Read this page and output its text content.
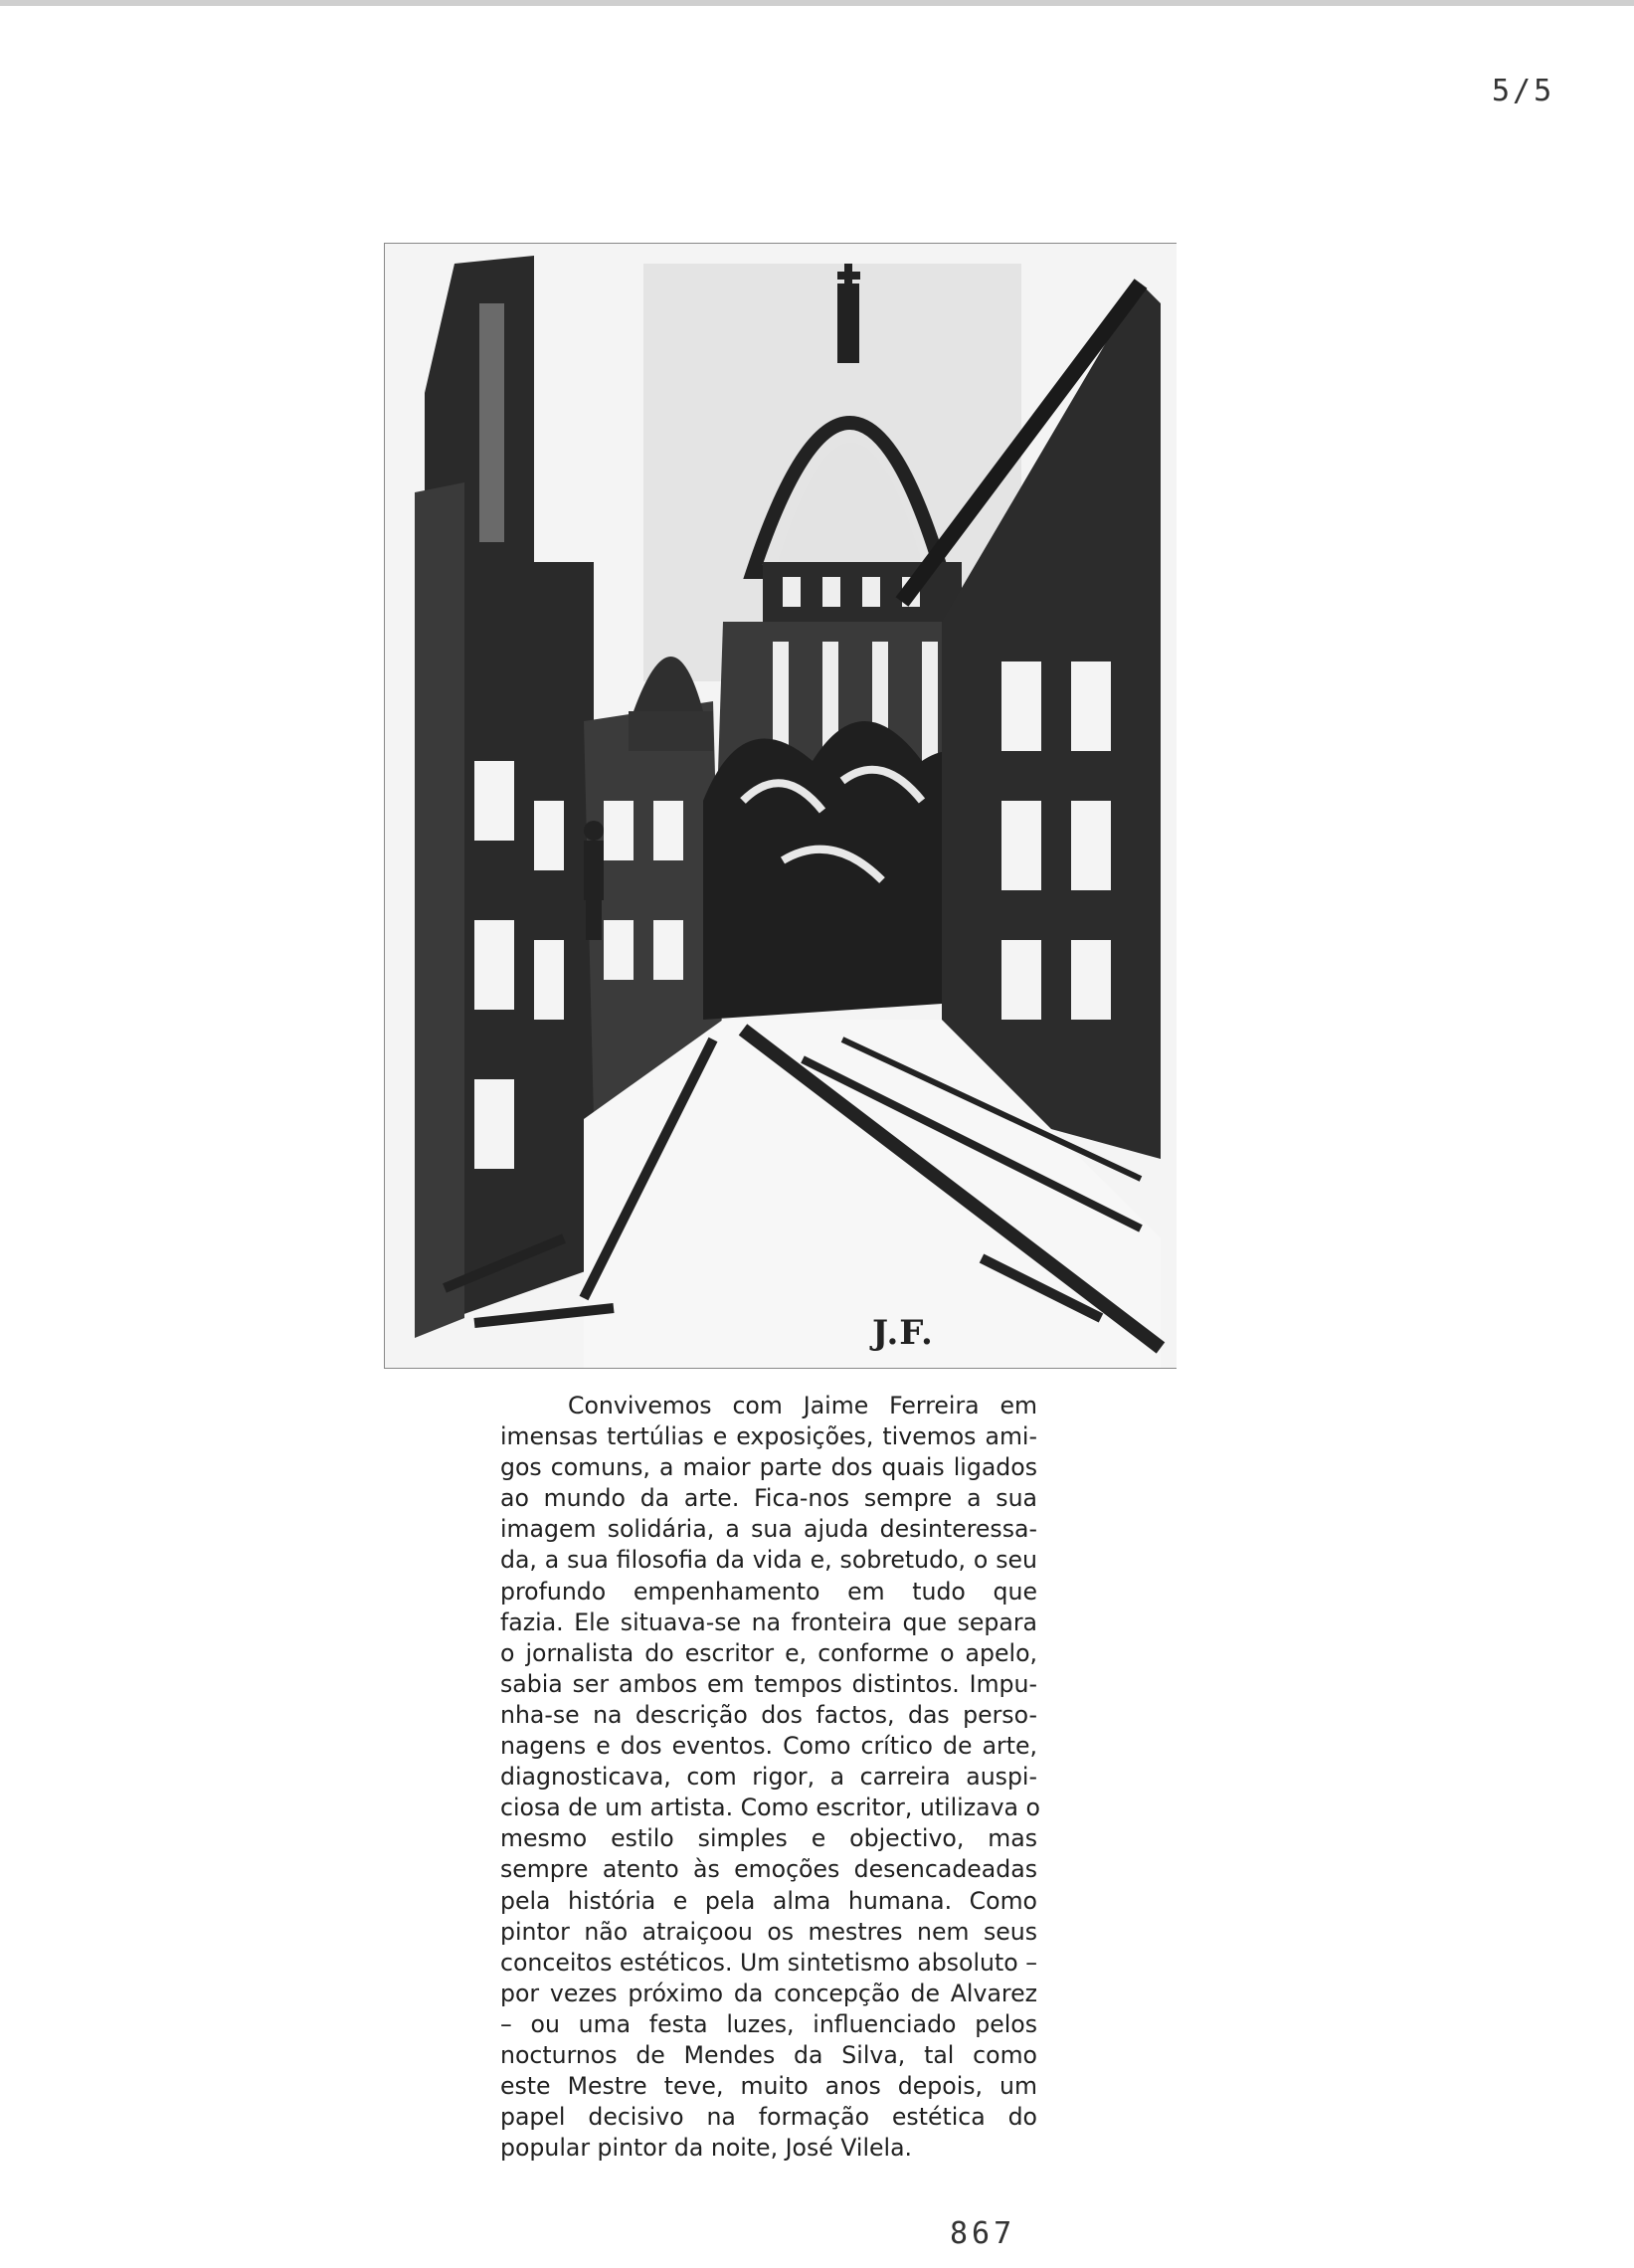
5/5
J.F.
Convivemos com Jaime Ferreira em
imensas tertúlias e exposições, tivemos ami-
gos comuns, a maior parte dos quais ligados
ao mundo da arte. Fica-nos sempre a sua
imagem solidária, a sua ajuda desinteressa-
da, a sua filosofia da vida e, sobretudo, o seu
profundo empenhamento em tudo que
fazia. Ele situava-se na fronteira que separa
o jornalista do escritor e, conforme o apelo,
sabia ser ambos em tempos distintos. Impu-
nha-se na descrição dos factos, das perso-
nagens e dos eventos. Como crítico de arte,
diagnosticava, com rigor, a carreira auspi-
ciosa de um artista. Como escritor, utilizava o
mesmo estilo simples e objectivo, mas
sempre atento às emoções desencadeadas
pela história e pela alma humana. Como
pintor não atraiçoou os mestres nem seus
conceitos estéticos. Um sintetismo absoluto –
por vezes próximo da concepção de Alvarez
– ou uma festa luzes, influenciado pelos
nocturnos de Mendes da Silva, tal como
este Mestre teve, muito anos depois, um
papel decisivo na formação estética do
popular pintor da noite, José Vilela.
867
